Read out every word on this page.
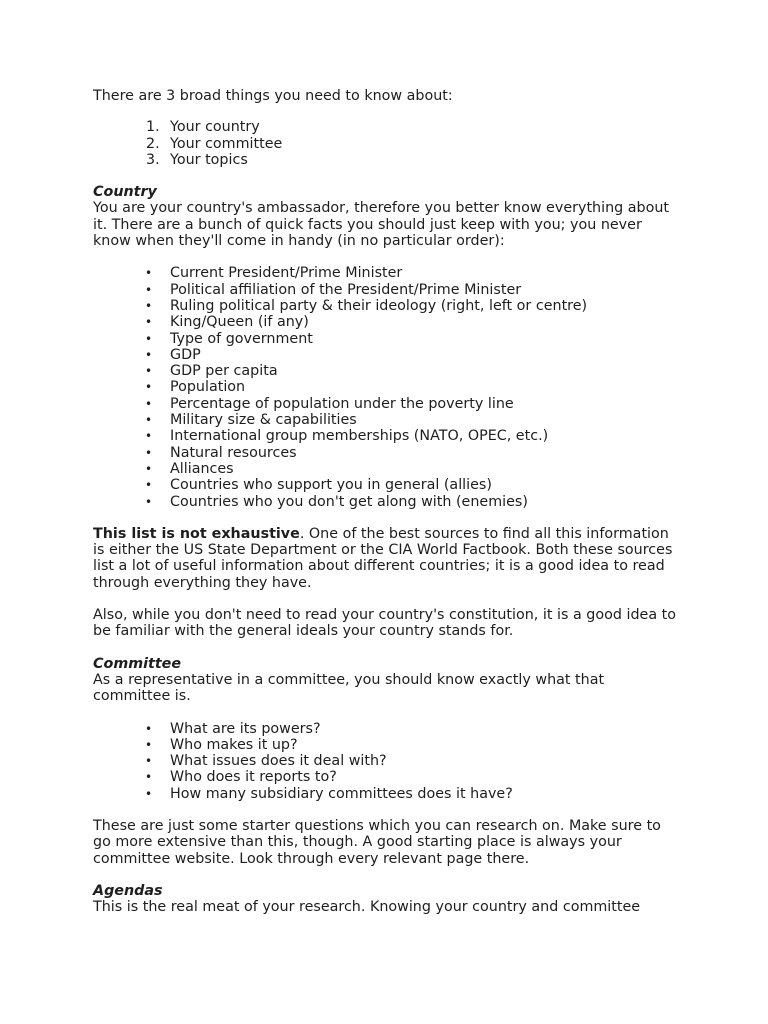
There are 3 broad things you need to know about:

1. Your country
2. Your committee
3. Your topics

Country

You are your country's ambassador, therefore you better know everything about it. There are a bunch of quick facts you should just keep with you; you never know when they'll come in handy (in no particular order):

• Current President/Prime Minister
• Political affiliation of the President/Prime Minister
• Ruling political party & their ideology (right, left or centre)
• King/Queen (if any)
• Type of government
• GDP
• GDP per capita
• Population
• Percentage of population under the poverty line
• Military size & capabilities
• International group memberships (NATO, OPEC, etc.)
• Natural resources
• Alliances
• Countries who support you in general (allies)
• Countries who you don't get along with (enemies)

This list is not exhaustive. One of the best sources to find all this information is either the US State Department or the CIA World Factbook. Both these sources list a lot of useful information about different countries; it is a good idea to read through everything they have.

Also, while you don't need to read your country's constitution, it is a good idea to be familiar with the general ideals your country stands for.

Committee

As a representative in a committee, you should know exactly what that committee is.

• What are its powers?
• Who makes it up?
• What issues does it deal with?
• Who does it reports to?
• How many subsidiary committees does it have?

These are just some starter questions which you can research on. Make sure to go more extensive than this, though. A good starting place is always your committee website. Look through every relevant page there.

Agendas

This is the real meat of your research. Knowing your country and committee
